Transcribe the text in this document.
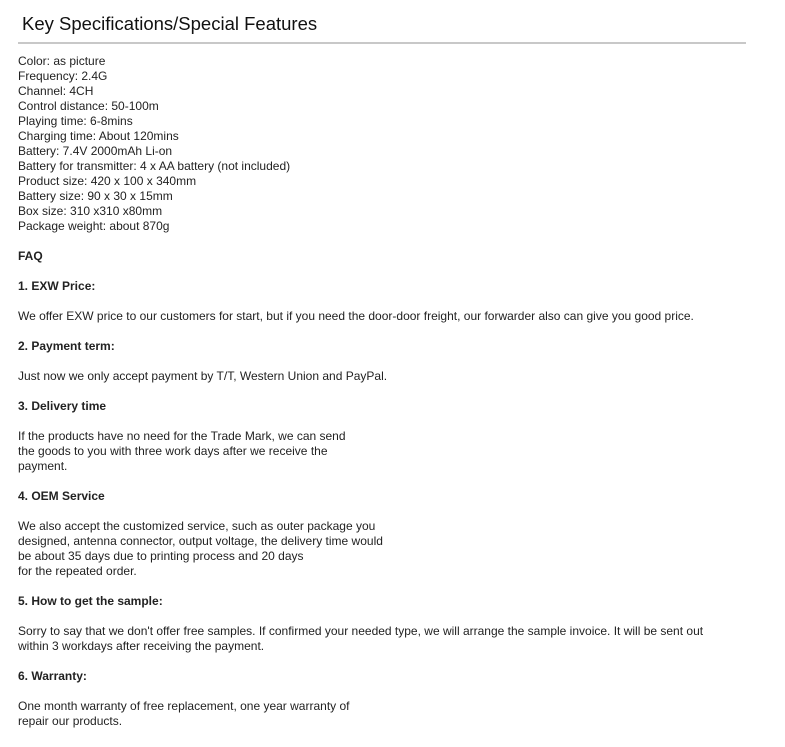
Key Specifications/Special Features
Color: as picture
Frequency: 2.4G
Channel: 4CH
Control distance: 50-100m
Playing time: 6-8mins
Charging time: About 120mins
Battery: 7.4V 2000mAh Li-on
Battery for transmitter: 4 x AA battery (not included)
Product size: 420 x 100 x 340mm
Battery size: 90 x 30 x 15mm
Box size: 310 x310 x80mm
Package weight: about 870g
FAQ
1. EXW Price:
We offer EXW price to our customers for start, but if you need the door-door freight, our forwarder also can give you good price.
2. Payment term:
Just now we only accept payment by T/T, Western Union and PayPal.
3. Delivery time
If the products have no need for the Trade Mark, we can send
the goods to you with three work days after we receive the
payment.
4. OEM Service
We also accept the customized service, such as outer package you
designed, antenna connector, output voltage, the delivery time would
be about 35 days due to printing process and 20 days
for the repeated order.
5. How to get the sample:
Sorry to say that we don't offer free samples. If confirmed your needed type, we will arrange the sample invoice. It will be sent out
within 3 workdays after receiving the payment.
6. Warranty:
One month warranty of free replacement, one year warranty of
repair our products.
